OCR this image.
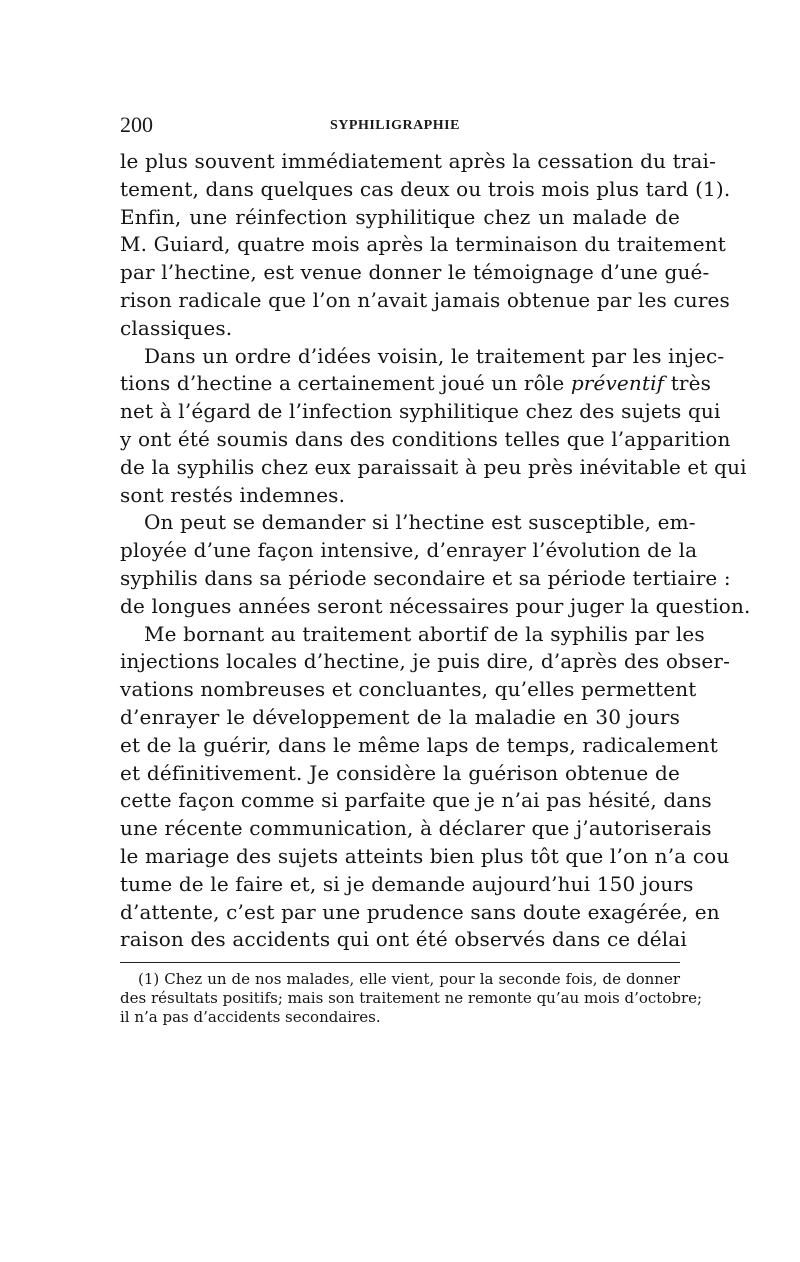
200	SYPHILIGRAPHIE
le plus souvent immédiatement après la cessation du trai-
tement, dans quelques cas deux ou trois mois plus tard (1).
Enfin, une réinfection syphilitique chez un malade de
M. Guiard, quatre mois après la terminaison du traitement
par l’hectine, est venue donner le témoignage d’une gué-
rison radicale que l’on n’avait jamais obtenue par les cures
classiques.
Dans un ordre d’idées voisin, le traitement par les injec-
tions d’hectine a certainement joué un rôle préventif très
net à l’égard de l’infection syphilitique chez des sujets qui
y ont été soumis dans des conditions telles que l’apparition
de la syphilis chez eux paraissait à peu près inévitable et qui
sont restés indemnes.
On peut se demander si l’hectine est susceptible, em-
ployée d’une façon intensive, d’enrayer l’évolution de la
syphilis dans sa période secondaire et sa période tertiaire :
de longues années seront nécessaires pour juger la question.
Me bornant au traitement abortif de la syphilis par les
injections locales d’hectine, je puis dire, d’après des obser-
vations nombreuses et concluantes, qu’elles permettent
d’enrayer le développement de la maladie en 30 jours
et de la guérir, dans le même laps de temps, radicalement
et définitivement. Je considère la guérison obtenue de
cette façon comme si parfaite que je n’ai pas hésité, dans
une récente communication, à déclarer que j’autoriserais
le mariage des sujets atteints bien plus tôt que l’on n’a cou
tume de le faire et, si je demande aujourd’hui 150 jours
d’attente, c’est par une prudence sans doute exagérée, en
raison des accidents qui ont été observés dans ce délai
(1) Chez un de nos malades, elle vient, pour la seconde fois, de donner
des résultats positifs; mais son traitement ne remonte qu’au mois d’octobre;
il n’a pas d’accidents secondaires.
